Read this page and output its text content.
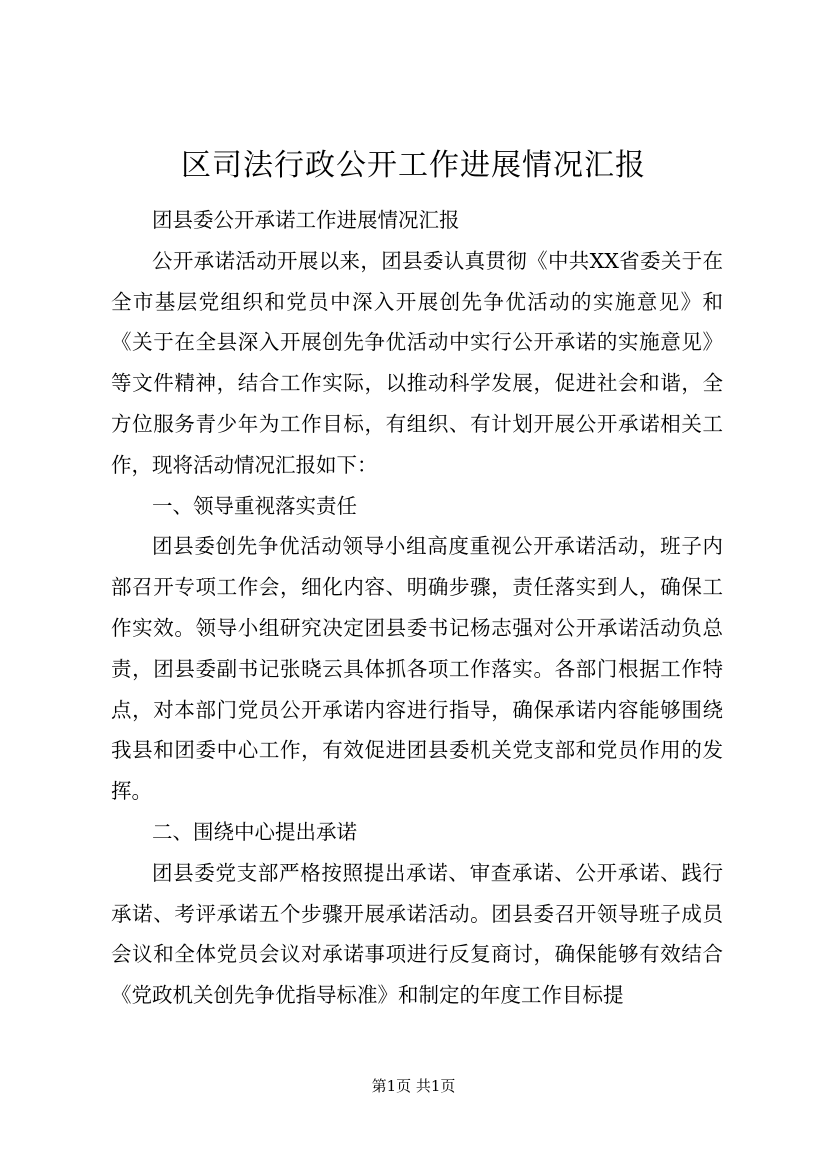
区司法行政公开工作进展情况汇报

团县委公开承诺工作进展情况汇报

公开承诺活动开展以来，团县委认真贯彻《中共XX省委关于在全市基层党组织和党员中深入开展创先争优活动的实施意见》和《关于在全县深入开展创先争优活动中实行公开承诺的实施意见》等文件精神，结合工作实际，以推动科学发展，促进社会和谐，全方位服务青少年为工作目标，有组织、有计划开展公开承诺相关工作，现将活动情况汇报如下：

一、领导重视落实责任

团县委创先争优活动领导小组高度重视公开承诺活动，班子内部召开专项工作会，细化内容、明确步骤，责任落实到人，确保工作实效。领导小组研究决定团县委书记杨志强对公开承诺活动负总责，团县委副书记张晓云具体抓各项工作落实。各部门根据工作特点，对本部门党员公开承诺内容进行指导，确保承诺内容能够围绕我县和团委中心工作，有效促进团县委机关党支部和党员作用的发挥。

二、围绕中心提出承诺

团县委党支部严格按照提出承诺、审查承诺、公开承诺、践行承诺、考评承诺五个步骤开展承诺活动。团县委召开领导班子成员会议和全体党员会议对承诺事项进行反复商讨，确保能够有效结合《党政机关创先争优指导标准》和制定的年度工作目标提

第1页 共1页
